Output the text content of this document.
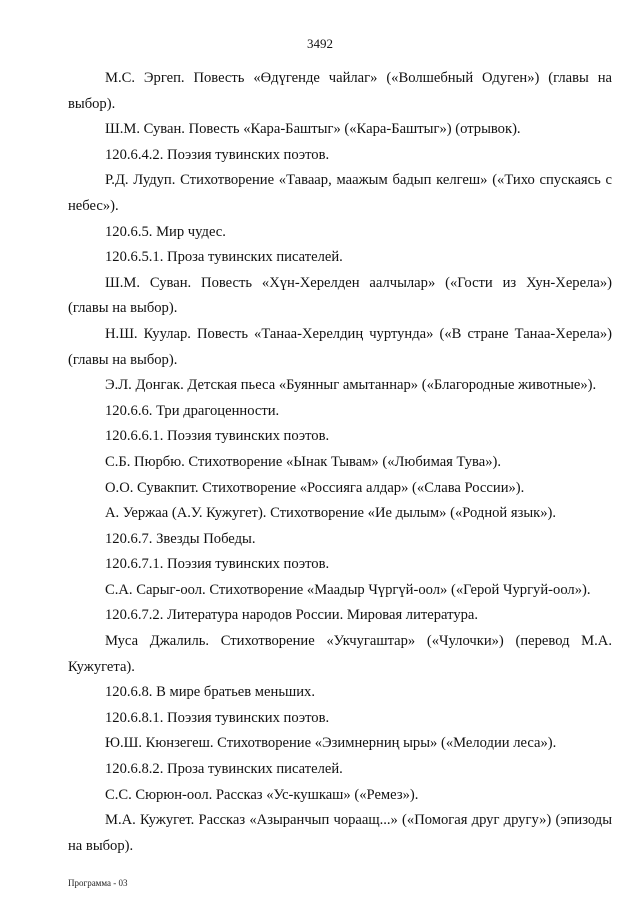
3492

М.С. Эргеп. Повесть «Өдүгенде чайлаг» («Волшебный Одуген») (главы на выбор).

Ш.М. Суван. Повесть «Кара-Баштыг» («Кара-Баштыг») (отрывок).

120.6.4.2. Поэзия тувинских поэтов.

Р.Д. Лудуп. Стихотворение «Таваар, маажым бадып келгеш» («Тихо спускаясь с небес»).

120.6.5. Мир чудес.

120.6.5.1. Проза тувинских писателей.

Ш.М. Суван. Повесть «Хүн-Херелден аалчылар» («Гости из Хун-Херела») (главы на выбор).

Н.Ш. Куулар. Повесть «Танаа-Херелдиң чуртунда» («В стране Танаа-Херела») (главы на выбор).

Э.Л. Донгак. Детская пьеса «Буянныг амытаннар» («Благородные животные»).

120.6.6. Три драгоценности.

120.6.6.1. Поэзия тувинских поэтов.

С.Б. Пюрбю. Стихотворение «Ынак Тывам» («Любимая Тува»).

О.О. Сувакпит. Стихотворение «Россияга алдар» («Слава России»).

А. Уержаа (А.У. Кужугет). Стихотворение «Ие дылым» («Родной язык»).

120.6.7. Звезды Победы.

120.6.7.1. Поэзия тувинских поэтов.

С.А. Сарыг-оол. Стихотворение «Маадыр Чүргүй-оол» («Герой Чургуй-оол»).

120.6.7.2. Литература народов России. Мировая литература.

Муса Джалиль. Стихотворение «Укчугаштар» («Чулочки») (перевод М.А. Кужугета).

120.6.8. В мире братьев меньших.

120.6.8.1. Поэзия тувинских поэтов.

Ю.Ш. Кюнзегеш. Стихотворение «Эзимнерниң ыры» («Мелодии леса»).

120.6.8.2. Проза тувинских писателей.

С.С. Сюрюн-оол. Рассказ «Ус-кушкаш» («Ремез»).

М.А. Кужугет. Рассказ «Азыранчып чораащ...» («Помогая друг другу») (эпизоды на выбор).

Программа - 03
